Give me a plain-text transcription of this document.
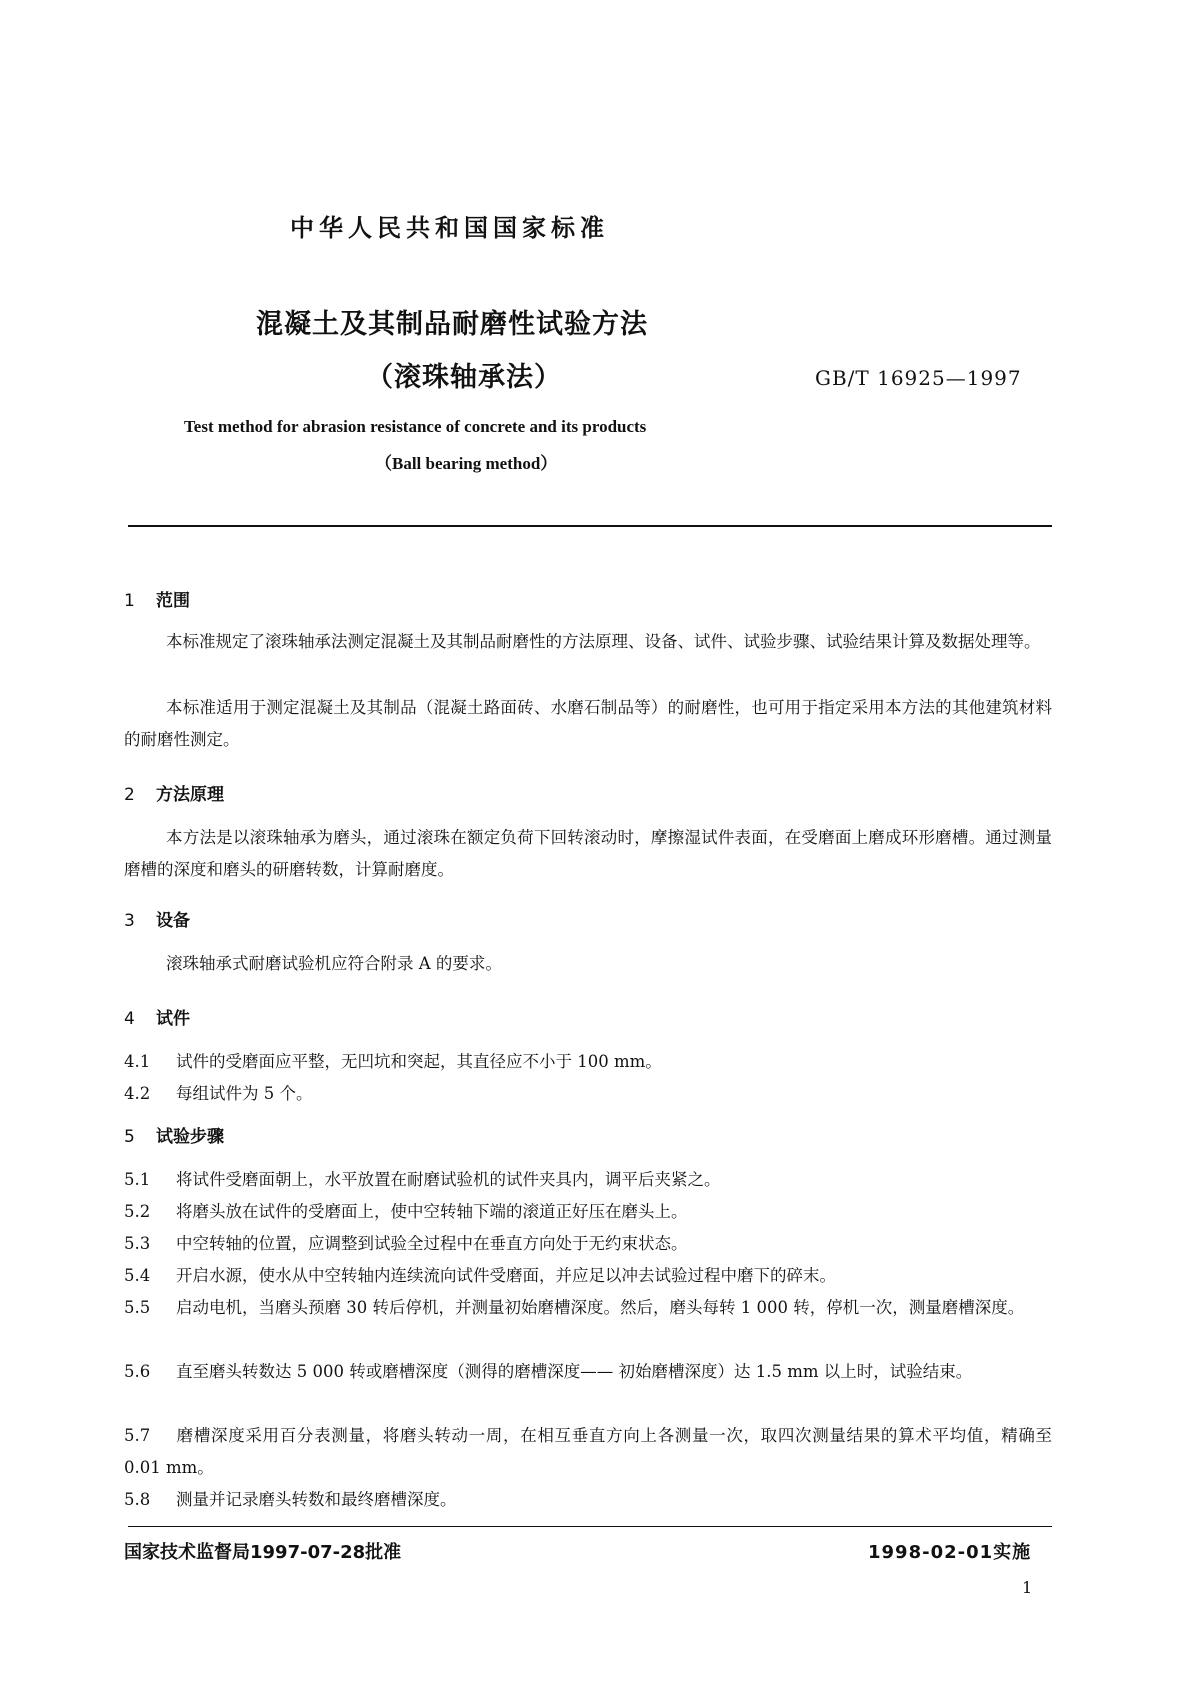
中华人民共和国国家标准
混凝土及其制品耐磨性试验方法
（滚珠轴承法）	GB/T 16925—1997
Test method for abrasion resistance of concrete and its products
（Ball bearing method）
1 范围
本标准规定了滚珠轴承法测定混凝土及其制品耐磨性的方法原理、设备、试件、试验步骤、试验结果计算及数据处理等。
本标准适用于测定混凝土及其制品（混凝土路面砖、水磨石制品等）的耐磨性，也可用于指定采用本方法的其他建筑材料的耐磨性测定。
2 方法原理
本方法是以滚珠轴承为磨头，通过滚珠在额定负荷下回转滚动时，摩擦湿试件表面，在受磨面上磨成环形磨槽。通过测量磨槽的深度和磨头的研磨转数，计算耐磨度。
3 设备
滚珠轴承式耐磨试验机应符合附录 A 的要求。
4 试件
4.1 试件的受磨面应平整，无凹坑和突起，其直径应不小于 100 mm。
4.2 每组试件为 5 个。
5 试验步骤
5.1 将试件受磨面朝上，水平放置在耐磨试验机的试件夹具内，调平后夹紧之。
5.2 将磨头放在试件的受磨面上，使中空转轴下端的滚道正好压在磨头上。
5.3 中空转轴的位置，应调整到试验全过程中在垂直方向处于无约束状态。
5.4 开启水源，使水从中空转轴内连续流向试件受磨面，并应足以冲去试验过程中磨下的碎末。
5.5 启动电机，当磨头预磨 30 转后停机，并测量初始磨槽深度。然后，磨头每转 1 000 转，停机一次，测量磨槽深度。
5.6 直至磨头转数达 5 000 转或磨槽深度（测得的磨槽深度—— 初始磨槽深度）达 1.5 mm 以上时，试验结束。
5.7 磨槽深度采用百分表测量，将磨头转动一周，在相互垂直方向上各测量一次，取四次测量结果的算术平均值，精确至 0.01 mm。
5.8 测量并记录磨头转数和最终磨槽深度。
国家技术监督局1997-07-28批准	1998-02-01实施
1
